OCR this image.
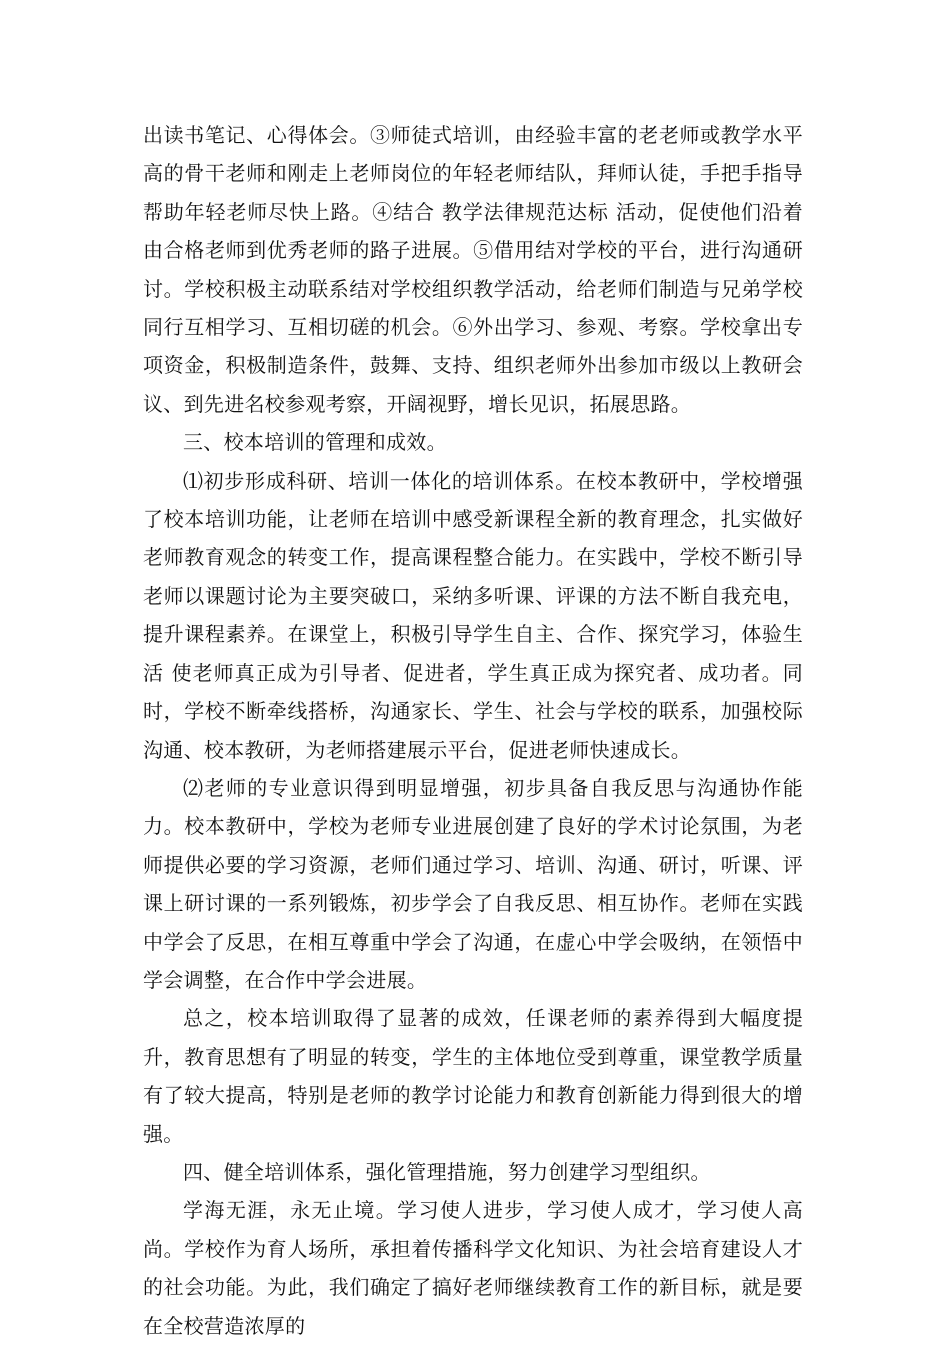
出读书笔记、心得体会。③师徒式培训，由经验丰富的老老师或教学水平高的骨干老师和刚走上老师岗位的年轻老师结队，拜师认徒，手把手指导帮助年轻老师尽快上路。④结合 教学法律规范达标 活动，促使他们沿着由合格老师到优秀老师的路子进展。⑤借用结对学校的平台，进行沟通研讨。学校积极主动联系结对学校组织教学活动，给老师们制造与兄弟学校同行互相学习、互相切磋的机会。⑥外出学习、参观、考察。学校拿出专项资金，积极制造条件，鼓舞、支持、组织老师外出参加市级以上教研会议、到先进名校参观考察，开阔视野，增长见识，拓展思路。

三、校本培训的管理和成效。

⑴初步形成科研、培训一体化的培训体系。在校本教研中，学校增强了校本培训功能，让老师在培训中感受新课程全新的教育理念，扎实做好老师教育观念的转变工作，提高课程整合能力。在实践中，学校不断引导老师以课题讨论为主要突破口，采纳多听课、评课的方法不断自我充电，提升课程素养。在课堂上，积极引导学生自主、合作、探究学习，体验生活 使老师真正成为引导者、促进者，学生真正成为探究者、成功者。同时，学校不断牵线搭桥，沟通家长、学生、社会与学校的联系，加强校际沟通、校本教研，为老师搭建展示平台，促进老师快速成长。

⑵老师的专业意识得到明显增强，初步具备自我反思与沟通协作能力。校本教研中，学校为老师专业进展创建了良好的学术讨论氛围，为老师提供必要的学习资源，老师们通过学习、培训、沟通、研讨，听课、评课上研讨课的一系列锻炼，初步学会了自我反思、相互协作。老师在实践中学会了反思，在相互尊重中学会了沟通，在虚心中学会吸纳，在领悟中学会调整，在合作中学会进展。

总之，校本培训取得了显著的成效，任课老师的素养得到大幅度提升，教育思想有了明显的转变，学生的主体地位受到尊重，课堂教学质量有了较大提高，特别是老师的教学讨论能力和教育创新能力得到很大的增强。

四、健全培训体系，强化管理措施，努力创建学习型组织。

学海无涯，永无止境。学习使人进步，学习使人成才，学习使人高尚。学校作为育人场所，承担着传播科学文化知识、为社会培育建设人才的社会功能。为此，我们确定了搞好老师继续教育工作的新目标，就是要在全校营造浓厚的
